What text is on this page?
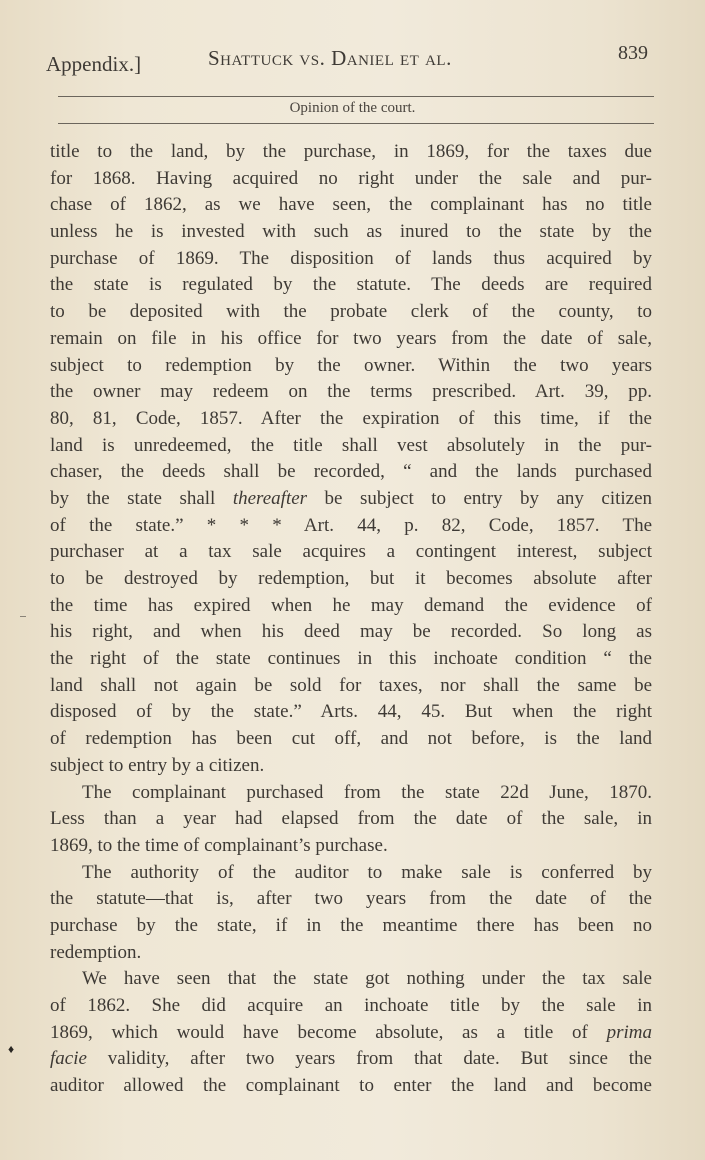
Appendix.]	Shattuck vs. Daniel et al.	839
Opinion of the court.
♦
title to the land, by the purchase, in 1869, for the taxes due
for 1868. Having acquired no right under the sale and pur-
chase of 1862, as we have seen, the complainant has no title
unless he is invested with such as inured to the state by the
purchase of 1869. The disposition of lands thus acquired by
the state is regulated by the statute. The deeds are required
to be deposited with the probate clerk of the county, to
remain on file in his office for two years from the date of sale,
subject to redemption by the owner. Within the two years
the owner may redeem on the terms prescribed. Art. 39, pp.
80, 81, Code, 1857. After the expiration of this time, if the
land is unredeemed, the title shall vest absolutely in the pur-
chaser, the deeds shall be recorded, “ and the lands purchased
by the state shall thereafter be subject to entry by any citizen
of the state.” * * * Art. 44, p. 82, Code, 1857. The
purchaser at a tax sale acquires a contingent interest, subject
to be destroyed by redemption, but it becomes absolute after
the time has expired when he may demand the evidence of
his right, and when his deed may be recorded. So long as
the right of the state continues in this inchoate condition “ the
land shall not again be sold for taxes, nor shall the same be
disposed of by the state.” Arts. 44, 45. But when the right
of redemption has been cut off, and not before, is the land
subject to entry by a citizen.
The complainant purchased from the state 22d June, 1870.
Less than a year had elapsed from the date of the sale, in
1869, to the time of complainant’s purchase.
The authority of the auditor to make sale is conferred by
the statute—that is, after two years from the date of the
purchase by the state, if in the meantime there has been no
redemption.
We have seen that the state got nothing under the tax sale
of 1862. She did acquire an inchoate title by the sale in
1869, which would have become absolute, as a title of prima
facie validity, after two years from that date. But since the
auditor allowed the complainant to enter the land and become
